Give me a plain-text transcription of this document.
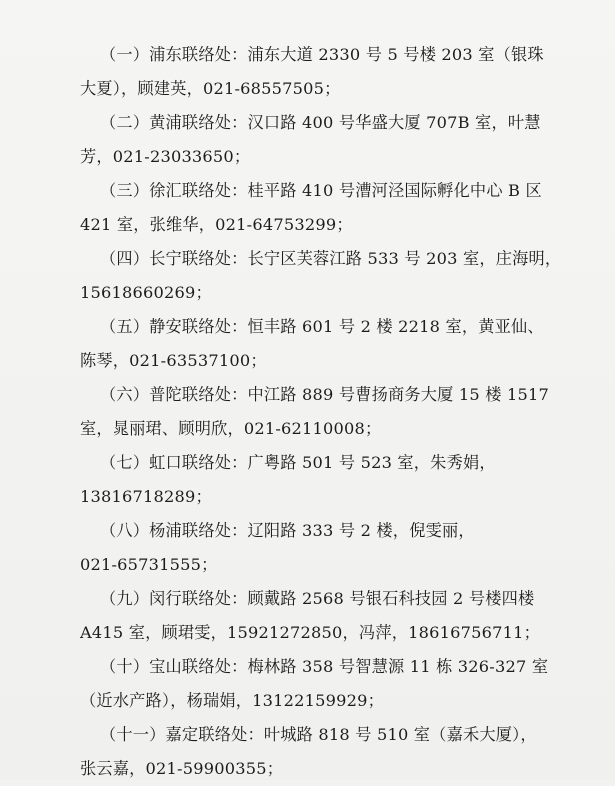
（一）浦东联络处：浦东大道 2330 号 5 号楼 203 室（银珠
大夏），顾建英，021-68557505；
（二）黄浦联络处：汉口路 400 号华盛大厦 707B 室，叶慧
芳，021-23033650；
（三）徐汇联络处：桂平路 410 号漕河泾国际孵化中心 B 区
421 室，张维华，021-64753299；
（四）长宁联络处：长宁区芙蓉江路 533 号 203 室，庄海明，
15618660269；
（五）静安联络处：恒丰路 601 号 2 楼 2218 室，黄亚仙、
陈琴，021-63537100；
（六）普陀联络处：中江路 889 号曹扬商务大厦 15 楼 1517
室，晁丽珺、顾明欣，021-62110008；
（七）虹口联络处：广粤路 501 号 523 室，朱秀娟，
13816718289；
（八）杨浦联络处：辽阳路 333 号 2 楼，倪雯丽，
021-65731555；
（九）闵行联络处：顾戴路 2568 号银石科技园 2 号楼四楼
A415 室，顾珺雯，15921272850，冯萍，18616756711；
（十）宝山联络处：梅林路 358 号智慧源 11 栋 326-327 室
（近水产路），杨瑞娟，13122159929；
（十一）嘉定联络处：叶城路 818 号 510 室（嘉禾大厦），
张云嘉，021-59900355；
